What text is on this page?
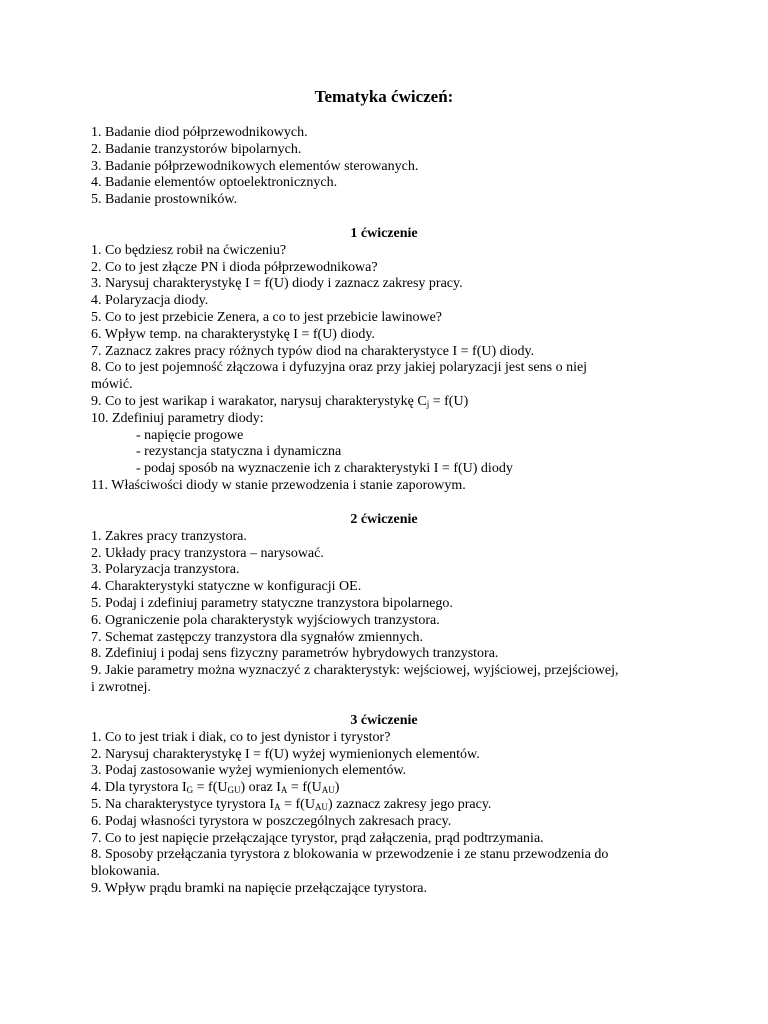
Tematyka ćwiczeń:

1. Badanie diod półprzewodnikowych.

2. Badanie tranzystorów bipolarnych.

3. Badanie półprzewodnikowych elementów sterowanych.

4. Badanie elementów optoelektronicznych.

5. Badanie prostowników.

1 ćwiczenie

1. Co będziesz robił na ćwiczeniu?

2. Co to jest złącze PN i dioda półprzewodnikowa?

3. Narysuj charakterystykę I = f(U) diody i zaznacz zakresy pracy.

4. Polaryzacja diody.

5. Co to jest przebicie Zenera, a co to jest przebicie lawinowe?

6. Wpływ temp. na charakterystykę I = f(U) diody.

7. Zaznacz zakres pracy różnych typów diod na charakterystyce I = f(U) diody.

8. Co to jest pojemność złączowa i dyfuzyjna oraz przy jakiej polaryzacji jest sens o niej

mówić.

9. Co to jest warikap i warakator, narysuj charakterystykę $C_j = f(U)$

10. Zdefiniuj parametry diody:

- napięcie progowe

- rezystancja statyczna i dynamiczna

- podaj sposób na wyznaczenie ich z charakterystyki I = f(U) diody

11. Właściwości diody w stanie przewodzenia i stanie zaporowym.

2 ćwiczenie

1. Zakres pracy tranzystora.

2. Układy pracy tranzystora – narysować.

3. Polaryzacja tranzystora.

4. Charakterystyki statyczne w konfiguracji OE.

5. Podaj i zdefiniuj parametry statyczne tranzystora bipolarnego.

6. Ograniczenie pola charakterystyk wyjściowych tranzystora.

7. Schemat zastępczy tranzystora dla sygnałów zmiennych.

8. Zdefiniuj i podaj sens fizyczny parametrów hybrydowych tranzystora.

9. Jakie parametry można wyznaczyć z charakterystyk: wejściowej, wyjściowej, przejściowej,

i zwrotnej.

3 ćwiczenie

1. Co to jest triak i diak, co to jest dynistor i tyrystor?

2. Narysuj charakterystykę I = f(U) wyżej wymienionych elementów.

3. Podaj zastosowanie wyżej wymienionych elementów.

4. Dla tyrystora $I_G = f(U_{GU})$ oraz $I_A = f(U_{AU})$

5. Na charakterystyce tyrystora $I_A = f(U_{AU})$ zaznacz zakresy jego pracy.

6. Podaj własności tyrystora w poszczególnych zakresach pracy.

7. Co to jest napięcie przełączające tyrystor, prąd załączenia, prąd podtrzymania.

8. Sposoby przełączania tyrystora z blokowania w przewodzenie i ze stanu przewodzenia do

blokowania.

9. Wpływ prądu bramki na napięcie przełączające tyrystora.
